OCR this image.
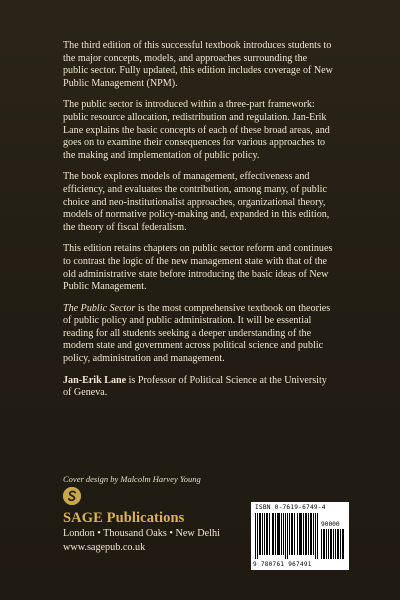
The third edition of this successful textbook introduces students to the major concepts, models, and approaches surrounding the public sector. Fully updated, this edition includes coverage of New Public Management (NPM).

The public sector is introduced within a three-part framework: public resource allocation, redistribution and regulation. Jan-Erik Lane explains the basic concepts of each of these broad areas, and goes on to examine their consequences for various approaches to the making and implementation of public policy.

The book explores models of management, effectiveness and efficiency, and evaluates the contribution, among many, of public choice and neo-institutionalist approaches, organizational theory, models of normative policy-making and, expanded in this edition, the theory of fiscal federalism.

This edition retains chapters on public sector reform and continues to contrast the logic of the new management state with that of the old administrative state before introducing the basic ideas of New Public Management.

The Public Sector is the most comprehensive textbook on theories of public policy and public administration. It will be essential reading for all students seeking a deeper understanding of the modern state and government across political science and public policy, administration and management.

Jan-Erik Lane is Professor of Political Science at the University of Geneva.

Cover design by Malcolm Harvey Young
SAGE Publications
London • Thousand Oaks • New Delhi
www.sagepub.co.uk
ISBN 0-7619-6749-4
90000
9 780761 967491
